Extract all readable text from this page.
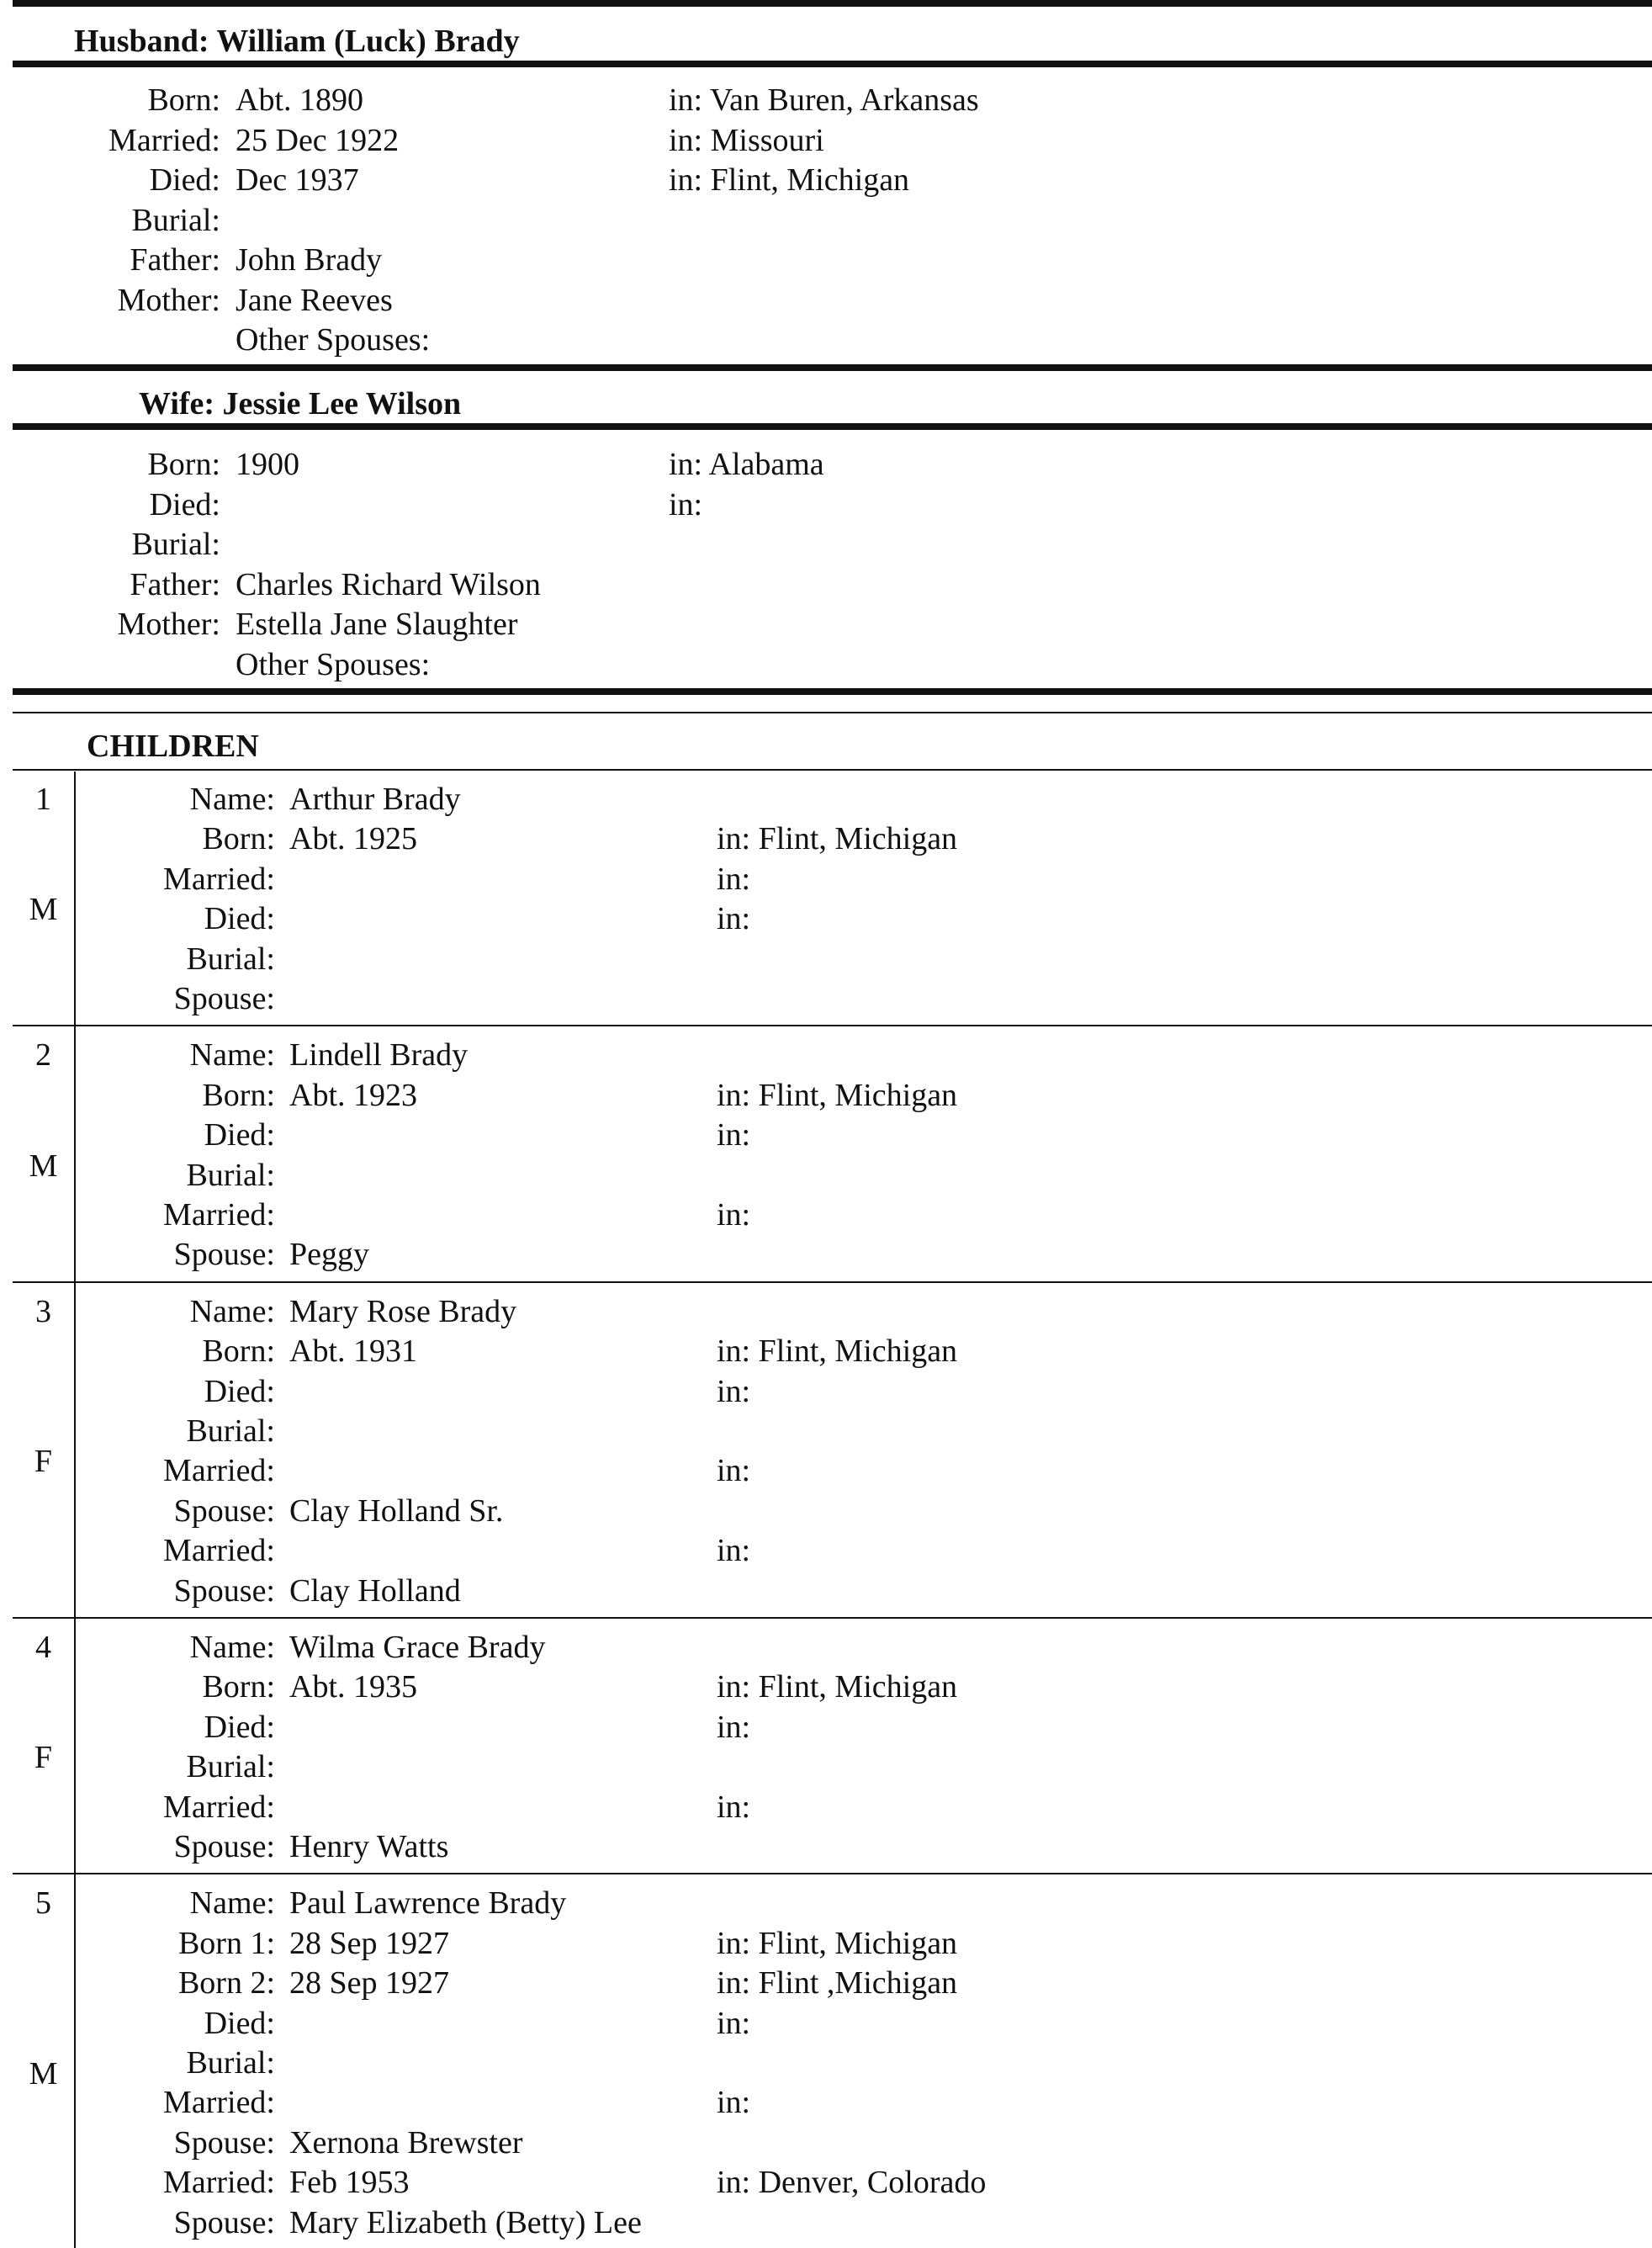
Husband: William (Luck) Brady
Born: Abt. 1890	in: Van Buren, Arkansas
Married: 25 Dec 1922	in: Missouri
Died: Dec 1937	in: Flint, Michigan
Burial:
Father: John Brady
Mother: Jane Reeves
Other Spouses:
Wife: Jessie Lee Wilson
Born: 1900	in: Alabama
Died:	in:
Burial:
Father: Charles Richard Wilson
Mother: Estella Jane Slaughter
Other Spouses:
CHILDREN
1
M
Name: Arthur Brady
Born: Abt. 1925	in: Flint, Michigan
Married:	in:
Died:	in:
Burial:
Spouse:
2
M
Name: Lindell Brady
Born: Abt. 1923	in: Flint, Michigan
Died:	in:
Burial:
Married:	in:
Spouse: Peggy
3
F
Name: Mary Rose Brady
Born: Abt. 1931	in: Flint, Michigan
Died:	in:
Burial:
Married:	in:
Spouse: Clay Holland Sr.
Married:	in:
Spouse: Clay Holland
4
F
Name: Wilma Grace Brady
Born: Abt. 1935	in: Flint, Michigan
Died:	in:
Burial:
Married:	in:
Spouse: Henry Watts
5
M
Name: Paul Lawrence Brady
Born 1: 28 Sep 1927	in: Flint, Michigan
Born 2: 28 Sep 1927	in: Flint ,Michigan
Died:	in:
Burial:
Married:	in:
Spouse: Xernona Brewster
Married: Feb 1953	in: Denver, Colorado
Spouse: Mary Elizabeth (Betty) Lee
